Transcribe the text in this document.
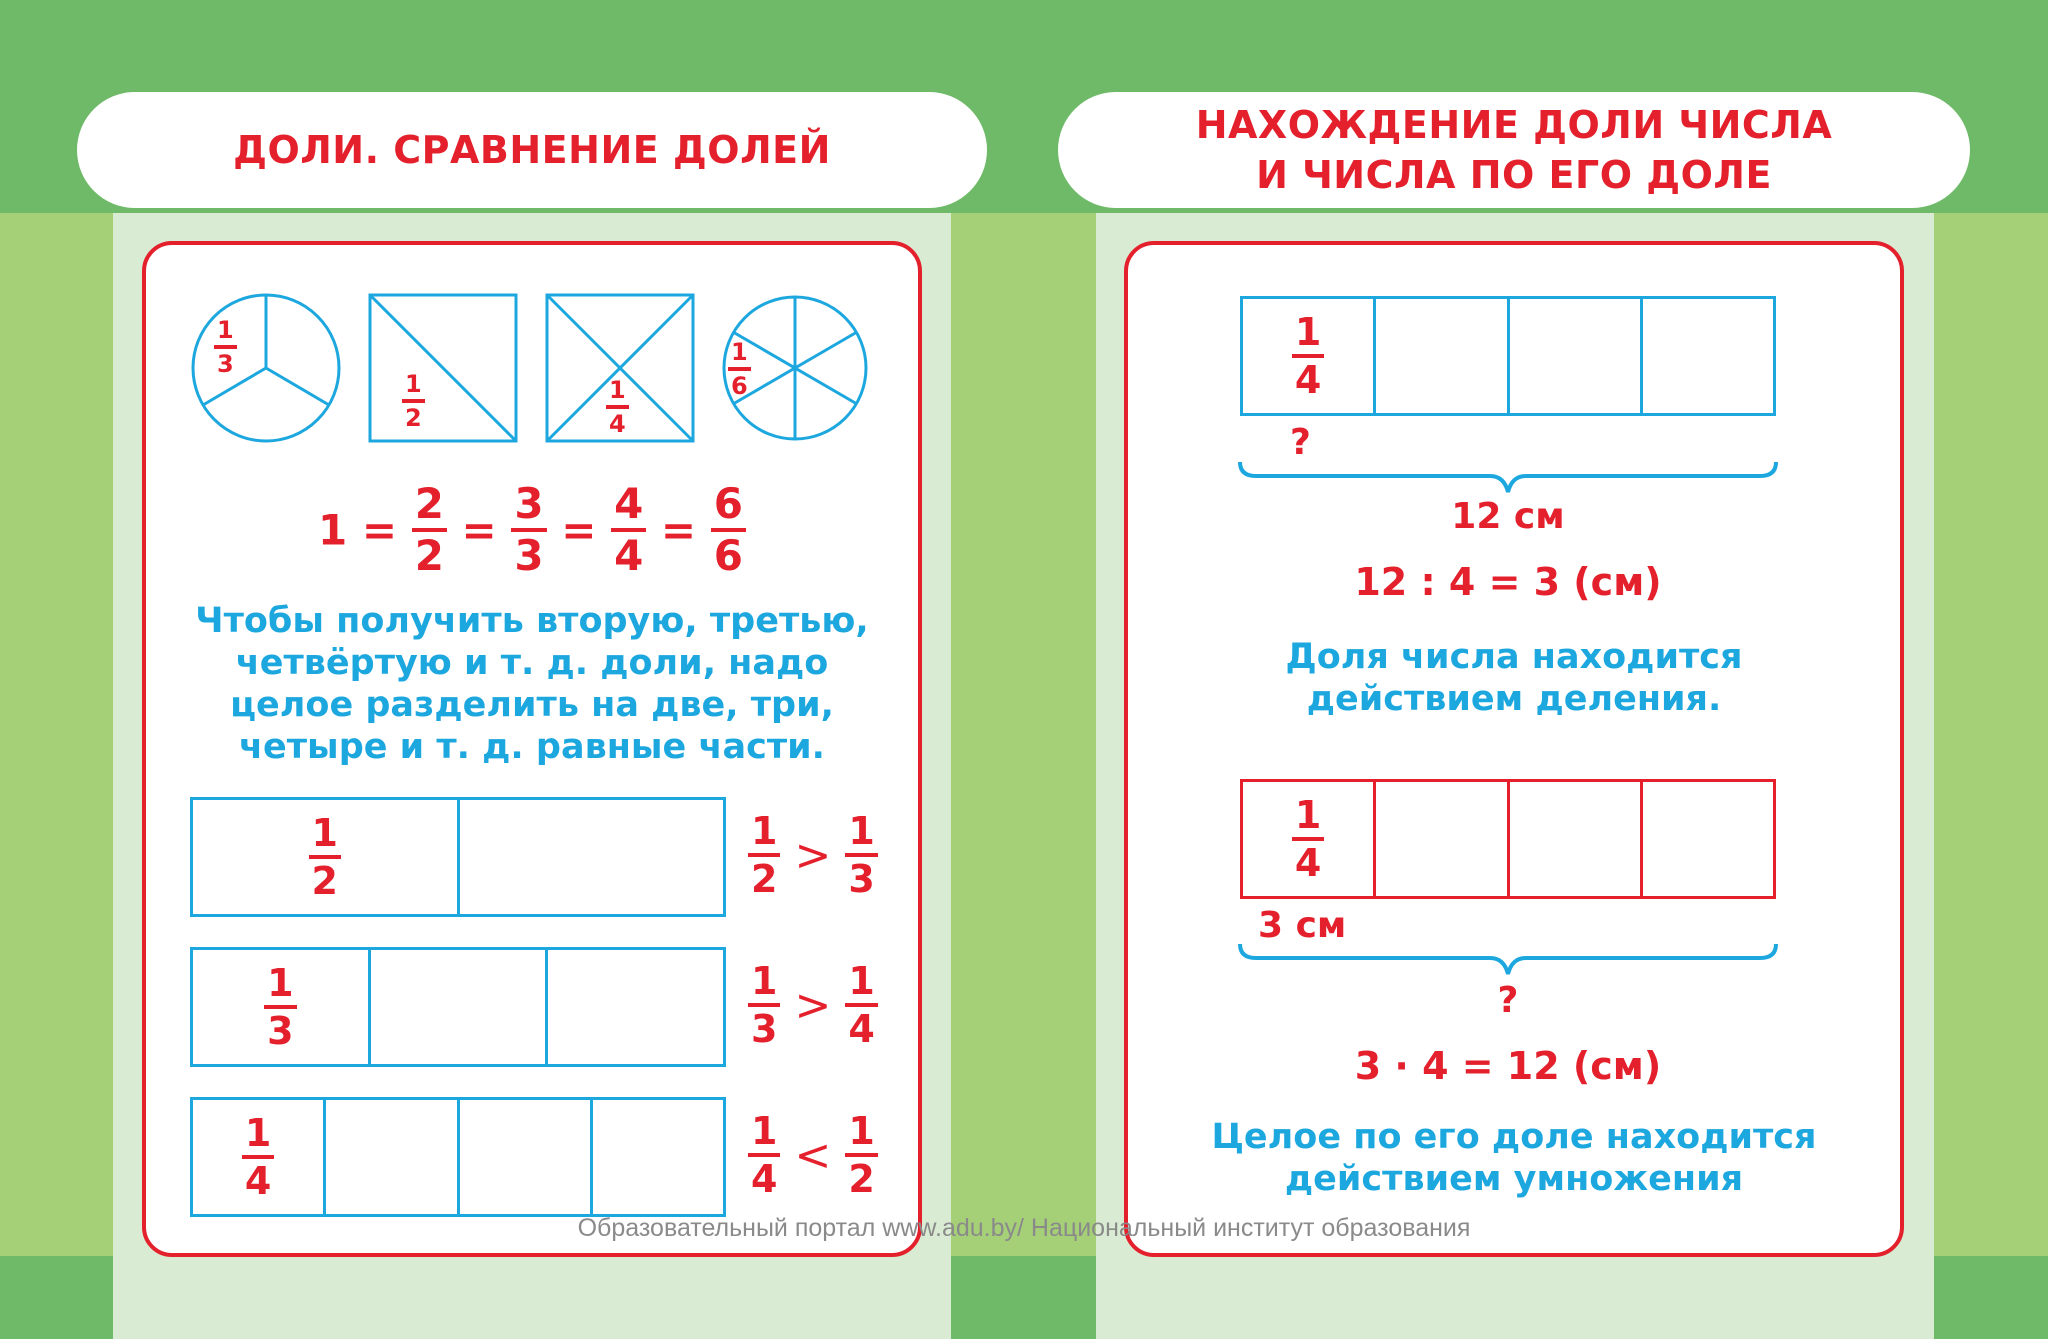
ДОЛИ. СРАВНЕНИЕ ДОЛЕЙ
$\frac{1}{3}$
$\frac{1}{2}$	$\frac{1}{4}$
$\frac{1}{6}$
$1 = \frac{2}{2} = \frac{3}{3} = \frac{4}{4} = \frac{6}{6}$
Чтобы получить вторую, третью,
четвёртую и т. д. доли, надо
целое разделить на две, три,
четыре и т. д. равные части.
$\frac{1}{2}$	$\frac{1}{2} > \frac{1}{3}$
$\frac{1}{3}$	$\frac{1}{3} > \frac{1}{4}$
$\frac{1}{4}$	$\frac{1}{4} < \frac{1}{2}$
НАХОЖДЕНИЕ ДОЛИ ЧИСЛА
И ЧИСЛА ПО ЕГО ДОЛЕ
$\frac{1}{4}$
?
12 см
12 : 4 = 3 (см)
Доля числа находится
действием деления.
$\frac{1}{4}$
3 см
?
3 · 4 = 12 (см)
Целое по его доле находится
действием умножения
Образовательный портал www.adu.by/ Национальный институт образования
